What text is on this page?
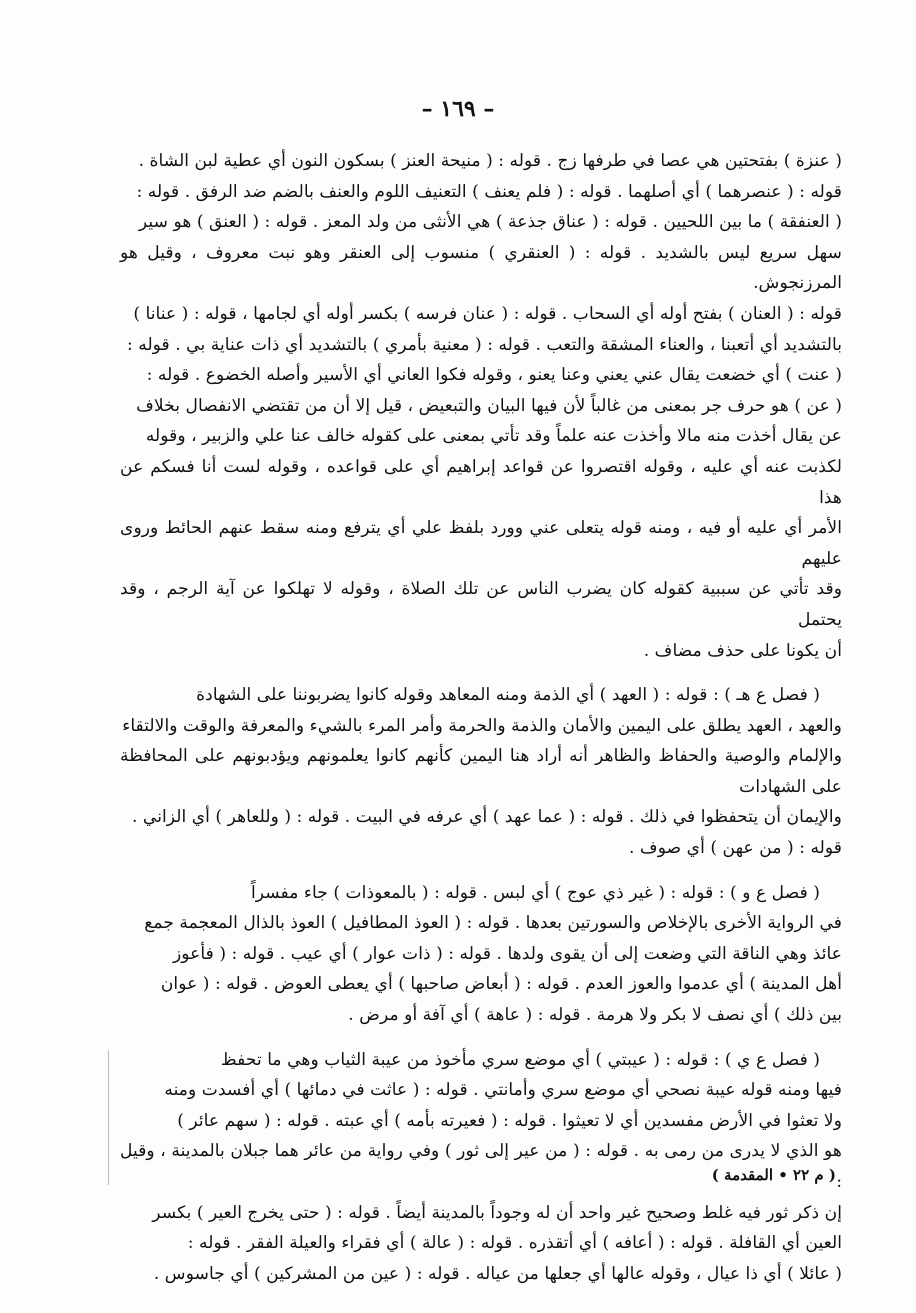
– ١٦٩ –

( عنزة ) بفتحتين هي عصا في طرفها زج . قوله : ( منيحة العنز ) بسكون النون أي عطية لبن الشاة .

قوله : ( عنصرهما ) أي أصلهما . قوله : ( فلم يعنف ) التعنيف اللوم والعنف بالضم ضد الرفق . قوله :

( العنفقة ) ما بين اللحيين . قوله : ( عناق جذعة ) هي الأنثى من ولد المعز . قوله : ( العنق ) هو سير

سهل سريع ليس بالشديد . قوله : ( العنقري ) منسوب إلى العنقر وهو نبت معروف ، وقيل هو المرزنجوش.

قوله : ( العنان ) بفتح أوله أي السحاب . قوله : ( عنان فرسه ) بكسر أوله أي لجامها ، قوله : ( عنانا )

بالتشديد أي أتعبنا ، والعناء المشقة والتعب . قوله : ( معنية بأمري ) بالتشديد أي ذات عناية بي . قوله :

( عنت ) أي خضعت يقال عني يعني وعنا يعنو ، وقوله فكوا العاني أي الأسير وأصله الخضوع . قوله :

( عن ) هو حرف جر بمعنى من غالباً لأن فيها البيان والتبعيض ، قيل إلا أن من تقتضي الانفصال بخلاف

عن يقال أخذت منه مالا وأخذت عنه علماً وقد تأتي بمعنى على كقوله خالف عنا علي والزبير ، وقوله

لكذبت عنه أي عليه ، وقوله اقتصروا عن قواعد إبراهيم أي على قواعده ، وقوله لست أنا فسكم عن هذا

الأمر أي عليه أو فيه ، ومنه قوله يتعلى عني وورد بلفظ علي أي يترفع ومنه سقط عنهم الحائط وروى عليهم

وقد تأتي عن سببية كقوله كان يضرب الناس عن تلك الصلاة ، وقوله لا تهلكوا عن آية الرجم ، وقد يحتمل

أن يكونا على حذف مضاف .

( فصل ع هـ ) : قوله : ( العهد ) أي الذمة ومنه المعاهد وقوله كانوا يضربوننا على الشهادة

والعهد ، العهد يطلق على اليمين والأمان والذمة والحرمة وأمر المرء بالشيء والمعرفة والوقت والالتقاء

والإلمام والوصية والحفاظ والظاهر أنه أراد هنا اليمين كأنهم كانوا يعلمونهم ويؤدبونهم على المحافظة على الشهادات

والإيمان أن يتحفظوا في ذلك . قوله : ( عما عهد ) أي عرفه في البيت . قوله : ( وللعاهر ) أي الزاني .

قوله : ( من عهن ) أي صوف .

( فصل ع و ) : قوله : ( غير ذي عوج ) أي لبس . قوله : ( بالمعوذات ) جاء مفسراً

في الرواية الأخرى بالإخلاص والسورتين بعدها . قوله : ( العوذ المطافيل ) العوذ بالذال المعجمة جمع

عائذ وهي الناقة التي وضعت إلى أن يقوى ولدها . قوله : ( ذات عوار ) أي عيب . قوله : ( فأعوز

أهل المدينة ) أي عدموا والعوز العدم . قوله : ( أبعاض صاحبها ) أي يعطى العوض . قوله : ( عوان

بين ذلك ) أي نصف لا بكر ولا هرمة . قوله : ( عاهة ) أي آفة أو مرض .

( فصل ع ي ) : قوله : ( عيبتي ) أي موضع سري مأخوذ من عيبة الثياب وهي ما تحفظ

فيها ومنه قوله عيبة نصحي أي موضع سري وأمانتي . قوله : ( عاثت في دمائها ) أي أفسدت ومنه

ولا تعثوا في الأرض مفسدين أي لا تعيثوا . قوله : ( فعيرته بأمه ) أي عبته . قوله : ( سهم عائر )

هو الذي لا يدرى من رمى به . قوله : ( من عير إلى ثور ) وفي رواية من عائر هما جبلان بالمدينة ، وقيل :

إن ذكر ثور فيه غلط وصحيح غير واحد أن له وجوداً بالمدينة أيضاً . قوله : ( حتى يخرج العير ) بكسر

العين أي القافلة . قوله : ( أعافه ) أي أتقذره . قوله : ( عالة ) أي فقراء والعيلة الفقر . قوله :

( عائلا ) أي ذا عيال ، وقوله عالها أي جعلها من عياله . قوله : ( عين من المشركين ) أي جاسوس .

( م ٢٢ • المقدمة )
